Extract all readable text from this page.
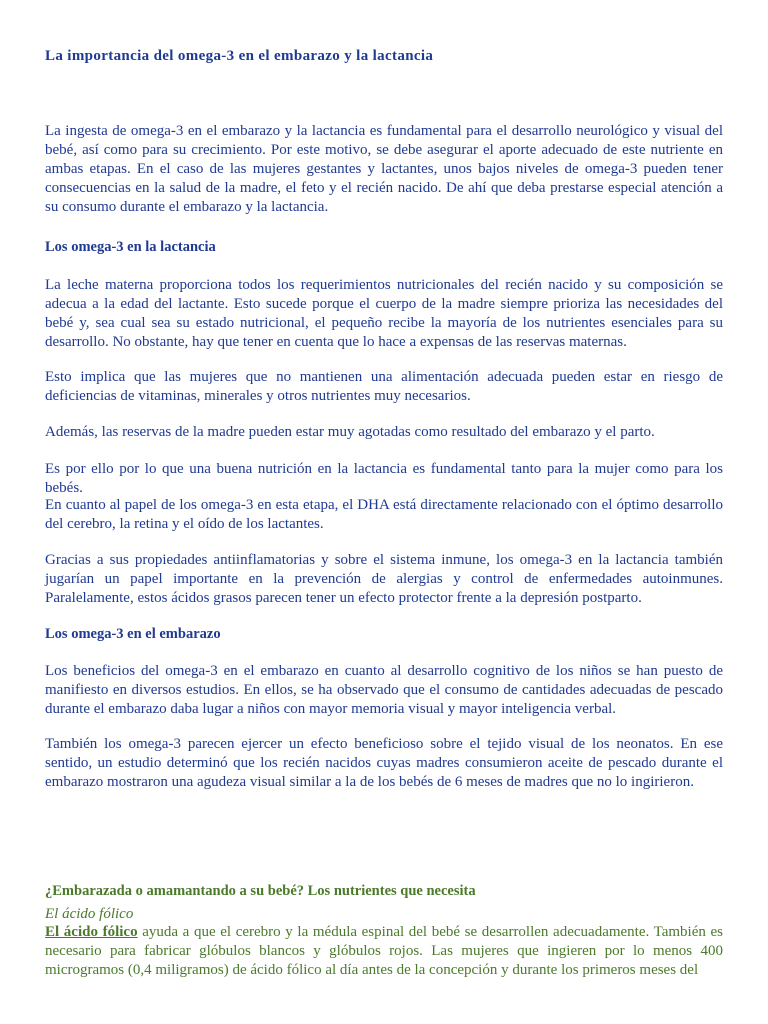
La importancia del omega-3 en el embarazo y la lactancia

La ingesta de omega-3 en el embarazo y la lactancia es fundamental para el desarrollo neurológico y visual del bebé, así como para su crecimiento. Por este motivo, se debe asegurar el aporte adecuado de este nutriente en ambas etapas. En el caso de las mujeres gestantes y lactantes, unos bajos niveles de omega-3 pueden tener consecuencias en la salud de la madre, el feto y el recién nacido. De ahí que deba prestarse especial atención a su consumo durante el embarazo y la lactancia.

Los omega-3 en la lactancia

La leche materna proporciona todos los requerimientos nutricionales del recién nacido y su composición se adecua a la edad del lactante. Esto sucede porque el cuerpo de la madre siempre prioriza las necesidades del bebé y, sea cual sea su estado nutricional, el pequeño recibe la mayoría de los nutrientes esenciales para su desarrollo. No obstante, hay que tener en cuenta que lo hace a expensas de las reservas maternas.

Esto implica que las mujeres que no mantienen una alimentación adecuada pueden estar en riesgo de deficiencias de vitaminas, minerales y otros nutrientes muy necesarios.

Además, las reservas de la madre pueden estar muy agotadas como resultado del embarazo y el parto.

Es por ello por lo que una buena nutrición en la lactancia es fundamental tanto para la mujer como para los bebés.

En cuanto al papel de los omega-3 en esta etapa, el DHA está directamente relacionado con el óptimo desarrollo del cerebro, la retina y el oído de los lactantes.

Gracias a sus propiedades antiinflamatorias y sobre el sistema inmune, los omega-3 en la lactancia también jugarían un papel importante en la prevención de alergias y control de enfermedades autoinmunes. Paralelamente, estos ácidos grasos parecen tener un efecto protector frente a la depresión postparto.

Los omega-3 en el embarazo

Los beneficios del omega-3 en el embarazo en cuanto al desarrollo cognitivo de los niños se han puesto de manifiesto en diversos estudios. En ellos, se ha observado que el consumo de cantidades adecuadas de pescado durante el embarazo daba lugar a niños con mayor memoria visual y mayor inteligencia verbal.

También los omega-3 parecen ejercer un efecto beneficioso sobre el tejido visual de los neonatos. En ese sentido, un estudio determinó que los recién nacidos cuyas madres consumieron aceite de pescado durante el embarazo mostraron una agudeza visual similar a la de los bebés de 6 meses de madres que no lo ingirieron.

¿Embarazada o amamantando a su bebé? Los nutrientes que necesita
El ácido fólico

El ácido fólico ayuda a que el cerebro y la médula espinal del bebé se desarrollen adecuadamente. También es necesario para fabricar glóbulos blancos y glóbulos rojos. Las mujeres que ingieren por lo menos 400 microgramos (0,4 miligramos) de ácido fólico al día antes de la concepción y durante los primeros meses del
